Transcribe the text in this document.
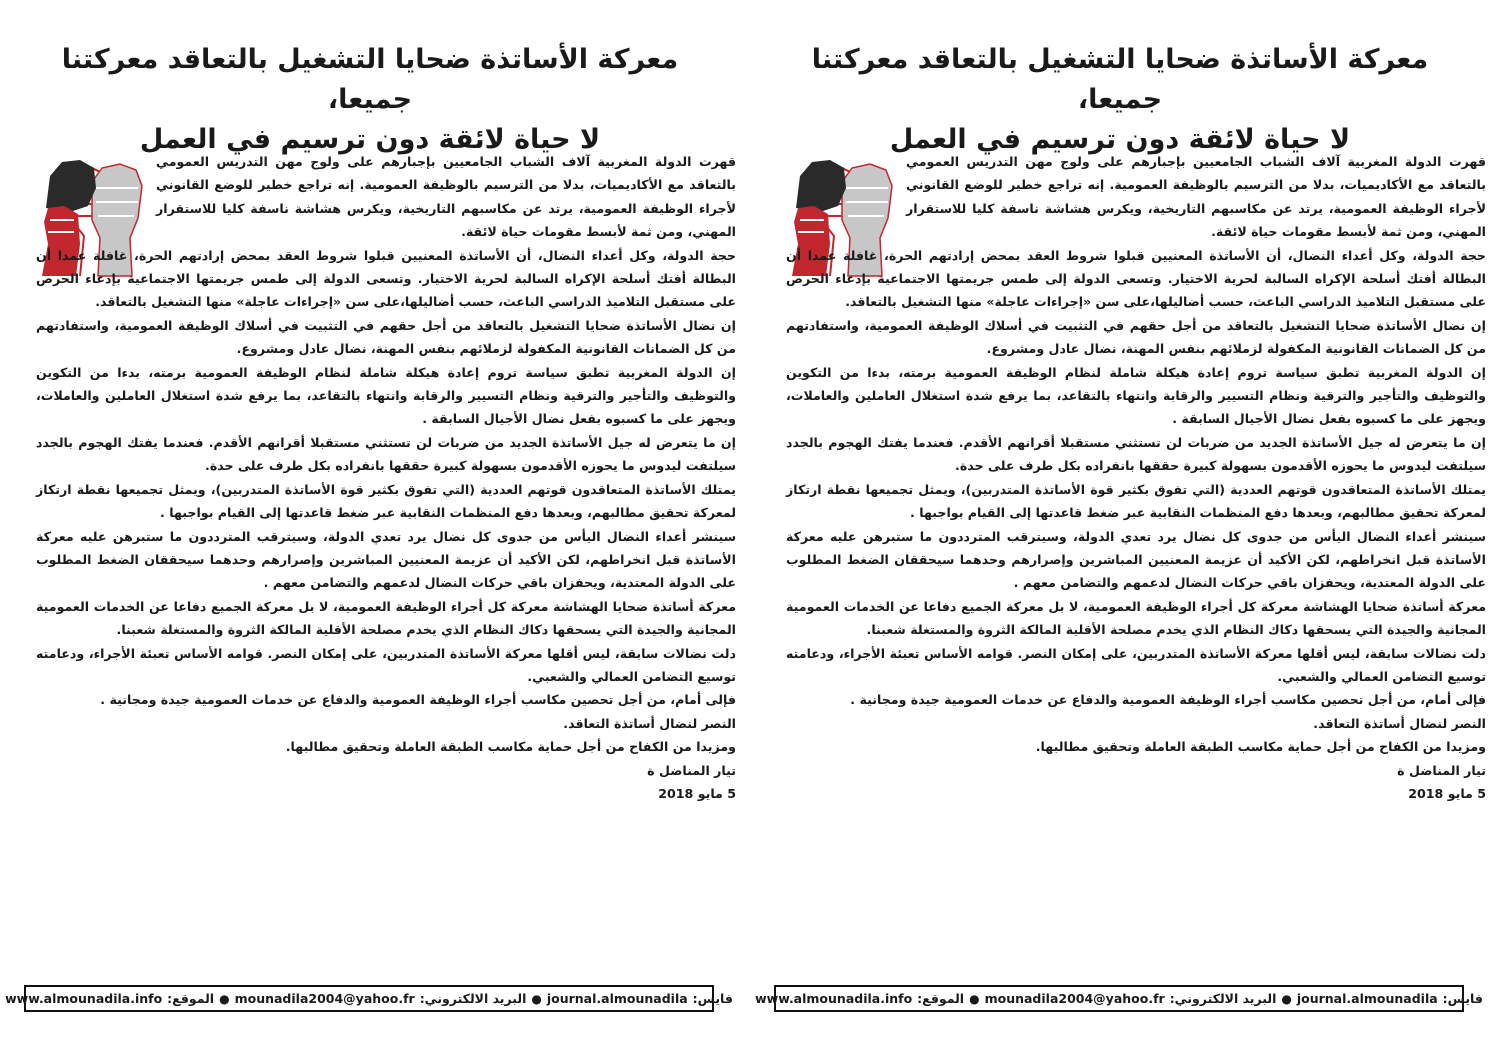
معركة الأساتذة ضحايا التشغيل بالتعاقد معركتنا جميعا،
لا حياة لائقة دون ترسيم في العمل

قهرت الدولة المغربية آلاف الشباب الجامعيين بإجبارهم على ولوج مهن التدريس العمومي بالتعاقد مع الأكاديميات، بدلا من الترسيم بالوظيفة العمومية. إنه تراجع خطير للوضع القانوني لأجراء الوظيفة العمومية، يرتد عن مكاسبهم التاريخية، ويكرس هشاشة ناسفة كليا للاستقرار المهني، ومن ثمة لأبسط مقومات حياة لائقة.

حجة الدولة، وكل أعداء النضال، أن الأساتذة المعنيين قبلوا شروط العقد بمحض إرادتهم الحرة، غافلة عمدا أن البطالة أفتك أسلحة الإكراه السالبة لحرية الاختيار. وتسعى الدولة إلى طمس جريمتها الاجتماعية بإدعاء الحرص على مستقبل التلاميذ الدراسي الباعث، حسب أضاليلها،على سن «إجراءات عاجلة» منها التشغيل بالتعاقد.

إن نضال الأساتذة ضحايا التشغيل بالتعاقد من أجل حقهم في التثبيت في أسلاك الوظيفة العمومية، واستفادتهم من كل الضمانات القانونية المكفولة لزملائهم بنفس المهنة، نضال عادل ومشروع.

إن الدولة المغربية تطبق سياسة تروم إعادة هيكلة شاملة لنظام الوظيفة العمومية برمته، بدءا من التكوين والتوظيف والتأجير والترقية ونظام التسيير والرقابة وانتهاء بالتقاعد، بما يرفع شدة استغلال العاملين والعاملات، ويجهز على ما كسبوه بفعل نضال الأجيال السابقة .

إن ما يتعرض له جيل الأساتذة الجديد من ضربات لن تستثني مستقبلا أقرانهم الأقدم. فعندما يفتك الهجوم بالجدد سيلتفت ليدوس ما يحوزه الأقدمون بسهولة كبيرة حققها بانفراده بكل طرف على حدة.

يمتلك الأساتذة المتعاقدون قوتهم العددية (التي تفوق بكثير قوة الأساتذة المتدربين)، ويمثل تجميعها نقطة ارتكاز لمعركة تحقيق مطالبهم، وبعدها دفع المنظمات النقابية عبر ضغط قاعدتها إلى القيام بواجبها .

سينشر أعداء النضال اليأس من جدوى كل نضال يرد تعدي الدولة، وسيترقب المترددون ما ستبرهن عليه معركة الأساتذة قبل انخراطهم، لكن الأكيد أن عزيمة المعنيين المباشرين وإصرارهم وحدهما سيحققان الضغط المطلوب على الدولة المعتدية، ويحفزان باقي حركات النضال لدعمهم والتضامن معهم .

معركة أساتذة ضحايا الهشاشة معركة كل أجراء الوظيفة العمومية، لا بل معركة الجميع دفاعا عن الخدمات العمومية المجانية والجيدة التي يسحقها دكاك النظام الذي يخدم مصلحة الأقلية المالكة الثروة والمستغلة شعبنا.

دلت نضالات سابقة، ليس أقلها معركة الأساتذة المتدربين، على إمكان النصر. قوامه الأساس تعبئة الأجراء، ودعامته توسيع التضامن العمالي والشعبي.

فإلى أمام، من أجل تحصين مكاسب أجراء الوظيفة العمومية والدفاع عن خدمات العمومية جيدة ومجانية .

النصر لنضال أساتذة التعاقد.

ومزيدا من الكفاح من أجل حماية مكاسب الطبقة العاملة وتحقيق مطالبها.

تيار المناضل ة

5 مايو 2018

فايس:
journal.almounadila
●
البريد الالكتروني:
mounadila2004@yahoo.fr
●
الموقع:
www.almounadila.info
معركة الأساتذة ضحايا التشغيل بالتعاقد معركتنا جميعا،
لا حياة لائقة دون ترسيم في العمل

قهرت الدولة المغربية آلاف الشباب الجامعيين بإجبارهم على ولوج مهن التدريس العمومي بالتعاقد مع الأكاديميات، بدلا من الترسيم بالوظيفة العمومية. إنه تراجع خطير للوضع القانوني لأجراء الوظيفة العمومية، يرتد عن مكاسبهم التاريخية، ويكرس هشاشة ناسفة كليا للاستقرار المهني، ومن ثمة لأبسط مقومات حياة لائقة.

حجة الدولة، وكل أعداء النضال، أن الأساتذة المعنيين قبلوا شروط العقد بمحض إرادتهم الحرة، غافلة عمدا أن البطالة أفتك أسلحة الإكراه السالبة لحرية الاختيار. وتسعى الدولة إلى طمس جريمتها الاجتماعية بإدعاء الحرص على مستقبل التلاميذ الدراسي الباعث، حسب أضاليلها،على سن «إجراءات عاجلة» منها التشغيل بالتعاقد.

إن نضال الأساتذة ضحايا التشغيل بالتعاقد من أجل حقهم في التثبيت في أسلاك الوظيفة العمومية، واستفادتهم من كل الضمانات القانونية المكفولة لزملائهم بنفس المهنة، نضال عادل ومشروع.

إن الدولة المغربية تطبق سياسة تروم إعادة هيكلة شاملة لنظام الوظيفة العمومية برمته، بدءا من التكوين والتوظيف والتأجير والترقية ونظام التسيير والرقابة وانتهاء بالتقاعد، بما يرفع شدة استغلال العاملين والعاملات، ويجهز على ما كسبوه بفعل نضال الأجيال السابقة .

إن ما يتعرض له جيل الأساتذة الجديد من ضربات لن تستثني مستقبلا أقرانهم الأقدم. فعندما يفتك الهجوم بالجدد سيلتفت ليدوس ما يحوزه الأقدمون بسهولة كبيرة حققها بانفراده بكل طرف على حدة.

يمتلك الأساتذة المتعاقدون قوتهم العددية (التي تفوق بكثير قوة الأساتذة المتدربين)، ويمثل تجميعها نقطة ارتكاز لمعركة تحقيق مطالبهم، وبعدها دفع المنظمات النقابية عبر ضغط قاعدتها إلى القيام بواجبها .

سينشر أعداء النضال اليأس من جدوى كل نضال يرد تعدي الدولة، وسيترقب المترددون ما ستبرهن عليه معركة الأساتذة قبل انخراطهم، لكن الأكيد أن عزيمة المعنيين المباشرين وإصرارهم وحدهما سيحققان الضغط المطلوب على الدولة المعتدية، ويحفزان باقي حركات النضال لدعمهم والتضامن معهم .

معركة أساتذة ضحايا الهشاشة معركة كل أجراء الوظيفة العمومية، لا بل معركة الجميع دفاعا عن الخدمات العمومية المجانية والجيدة التي يسحقها دكاك النظام الذي يخدم مصلحة الأقلية المالكة الثروة والمستغلة شعبنا.

دلت نضالات سابقة، ليس أقلها معركة الأساتذة المتدربين، على إمكان النصر. قوامه الأساس تعبئة الأجراء، ودعامته توسيع التضامن العمالي والشعبي.

فإلى أمام، من أجل تحصين مكاسب أجراء الوظيفة العمومية والدفاع عن خدمات العمومية جيدة ومجانية .

النصر لنضال أساتذة التعاقد.

ومزيدا من الكفاح من أجل حماية مكاسب الطبقة العاملة وتحقيق مطالبها.

تيار المناضل ة

5 مايو 2018

فايس:
journal.almounadila
●
البريد الالكتروني:
mounadila2004@yahoo.fr
●
الموقع:
www.almounadila.info
